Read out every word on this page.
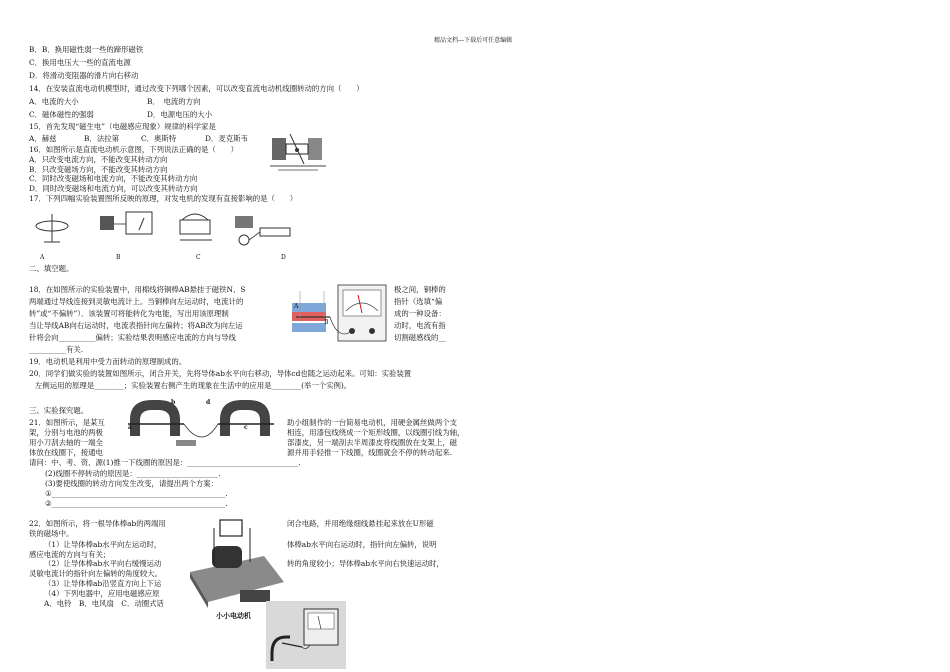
精品文档---下载后可任意编辑
B．B．换用磁性弱一些的蹄形磁铁
C．换用电压大一些的直流电源
D．将滑动变阻器的滑片向右移动
14．在安装直流电动机模型时，通过改变下列哪个因素，可以改变直流电动机线圈转动的方向（　　）
A．电流的大小	B．　电流的方向
C．磁体磁性的强弱	D．电源电压的大小
15．首先发现“磁生电”（电磁感应现象）规律的科学家是
A．赫兹	B．法拉第	C．奥斯特	D．麦克斯韦
16．如图所示是直流电动机示意图，下列说法正确的是（　　）
A．只改变电流方向，不能改变其转动方向
B．只改变磁场方向，不能改变其转动方向
C．同时改变磁场和电流方向，不能改变其转动方向
D．同时改变磁场和电流方向，可以改变其转动方向
17．下列四幅实验装置图所反映的原理，对发电机的发现有直接影响的是（　　）
A	B	C	D
二、填空题。
18．在如图所示的实验装置中，用棉线将铜棒AB悬挂于磁铁N、S	极之间，铜棒的
两端通过导线连接到灵敏电流计上。当铜棒向左运动时，电流计的	指针（选填“偏
转”或“不偏转”）．该装置可将能转化为电能，写出用该原理制	成的一种设备：
当让导线AB向右运动时，电流表指针向左偏转；将AB改为向左运	动时，电流有指
针将会向__________偏转；实验结果表明感应电流的方向与导线	切割磁感线的__
__________有关.
A
B
19．电动机是利用中受力而转动的原理制成的。
20．同学们做实验的装置如图所示，闭合开关，先将导体ab水平向右移动，导体cd也随之运动起来。可知：实验装置
左侧运用的原理是________；实验装置右侧产生的现象在生活中的应用是________(举一个实例)。
三、实验探究题。
a
b
c
d
21．如图所示，是某互	助小组制作的一台简易电动机，用硬金属丝做两个支
架，分别与电池的两极	相连，用漆包线绕成一个矩形线圈，以线圈引线为轴，
用小刀刮去轴的一端全	部漆皮，另一端刮去半周漆皮将线圈放在支架上，磁
体放在线圈下，接通电	源并用手轻推一下线圈，线圈就会不停的转动起来.
请问：中、考、资、源(1)推一下线圈的原因是：______________________________.
(2)线圈不停转动的原因是：______________________.
(3)要使线圈的转动方向发生改变，请提出两个方案：
①_______________________________________________.
②_______________________________________________.
22．如图所示，将一根导体棒ab的两端用	闭合电路，并用绝缘细线悬挂起来放在U形磁
铁的磁场中。
（1）让导体棒ab水平向左运动时，	体棒ab水平向右运动时，指针向左偏转，说明
感应电流的方向与有关；
（2）让导体棒ab水平向右缓慢运动	转的角度较小；导体棒ab水平向右快速运动时，
灵敏电流计的指针向左偏转的角度较大。
（3）让导体棒ab沿竖直方向上下运
（4）下列电器中，应用电磁感应原
A．电铃　B．电风扇　C．动圈式话
小小电动机
